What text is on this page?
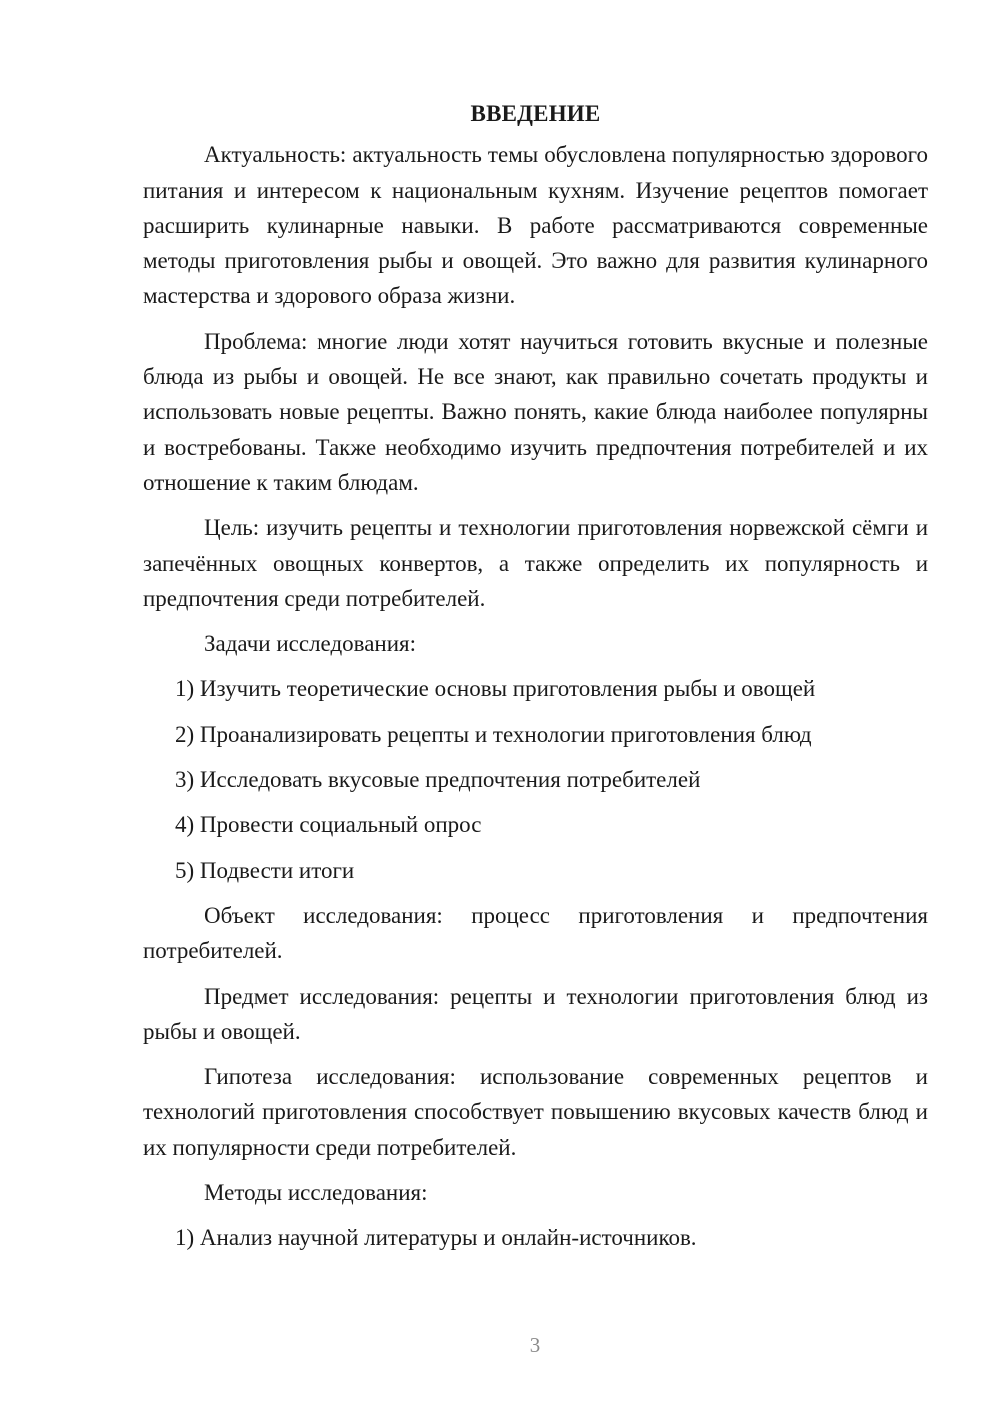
ВВЕДЕНИЕ

Актуальность: актуальность темы обусловлена популярностью здорового питания и интересом к национальным кухням. Изучение рецептов помогает расширить кулинарные навыки. В работе рассматриваются современные методы приготовления рыбы и овощей. Это важно для развития кулинарного мастерства и здорового образа жизни.

Проблема: многие люди хотят научиться готовить вкусные и полезные блюда из рыбы и овощей. Не все знают, как правильно сочетать продукты и использовать новые рецепты. Важно понять, какие блюда наиболее популярны и востребованы. Также необходимо изучить предпочтения потребителей и их отношение к таким блюдам.

Цель: изучить рецепты и технологии приготовления норвежской сёмги и запечённых овощных конвертов, а также определить их популярность и предпочтения среди потребителей.

Задачи исследования:
1) Изучить теоретические основы приготовления рыбы и овощей
2) Проанализировать рецепты и технологии приготовления блюд
3) Исследовать вкусовые предпочтения потребителей
4) Провести социальный опрос
5) Подвести итоги

Объект исследования: процесс приготовления и предпочтения потребителей.

Предмет исследования: рецепты и технологии приготовления блюд из рыбы и овощей.

Гипотеза исследования: использование современных рецептов и технологий приготовления способствует повышению вкусовых качеств блюд и их популярности среди потребителей.

Методы исследования:
1) Анализ научной литературы и онлайн-источников.
3
